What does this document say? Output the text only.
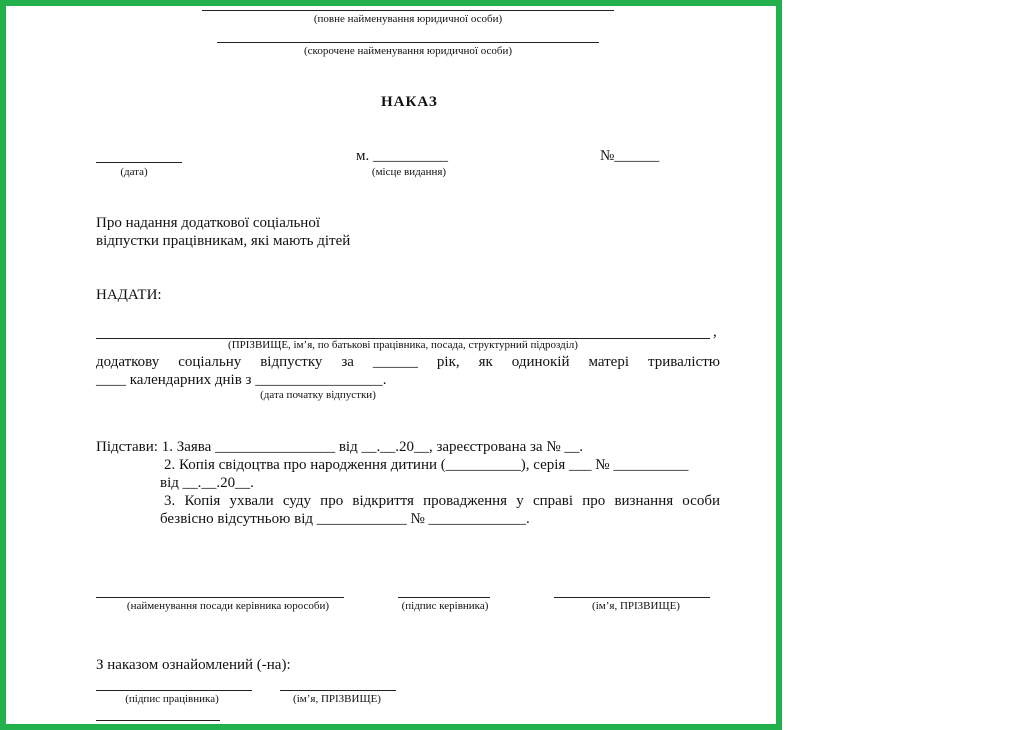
(повне найменування юридичної особи)
(скорочене найменування юридичної особи)
НАКАЗ
(дата)
м. __________
(місце видання)
№______
Про надання додаткової соціальної
відпустки працівникам, які мають дітей
НАДАТИ:
,
(ПРІЗВИЩЕ, ім’я, по батькові працівника, посада, структурний підрозділ)
додаткову соціальну відпустку за ______ рік, як одинокій матері тривалістю
____ календарних днів з _________________.
(дата початку відпустки)
Підстави: 1. Заява ________________ від __.__.20__, зареєстрована за № __.
2. Копія свідоцтва про народження дитини (__________), серія ___ № __________
від __.__.20__.
3. Копія ухвали суду про відкриття провадження у справі про визнання особи
безвісно відсутньою від ____________ № _____________.
(найменування посади керівника юрособи)	(підпис керівника)	(ім’я, ПРІЗВИЩЕ)
З наказом ознайомлений (-на):
(підпис працівника)	(ім’я, ПРІЗВИЩЕ)
